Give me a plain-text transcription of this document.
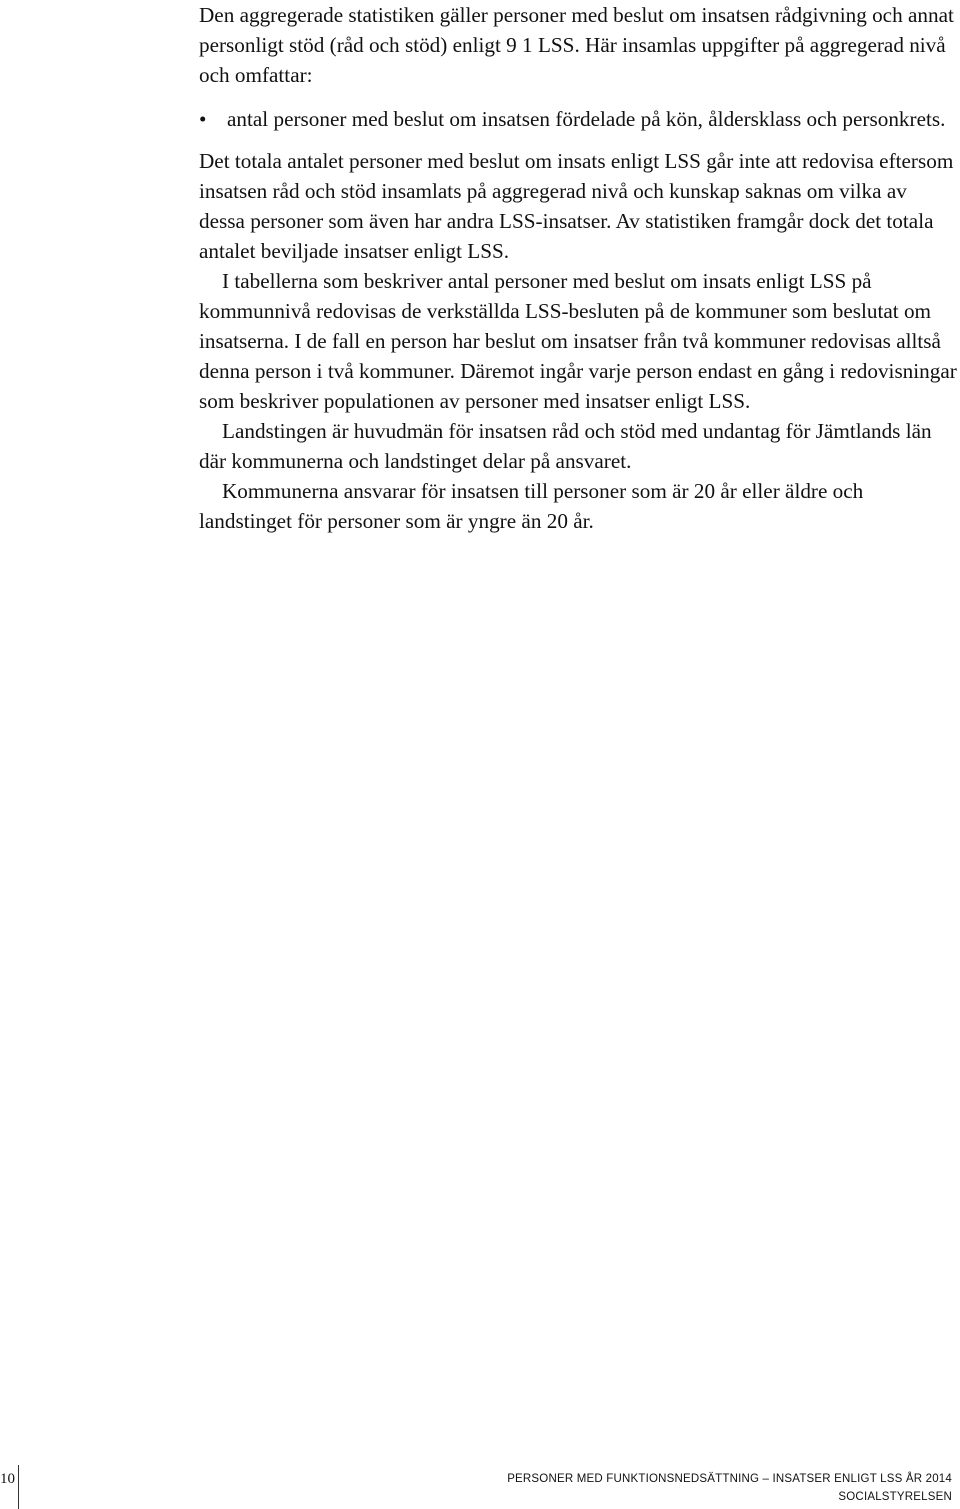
Den aggregerade statistiken gäller personer med beslut om insatsen rådgivning och annat personligt stöd (råd och stöd) enligt 9 1 LSS. Här insamlas uppgifter på aggregerad nivå och omfattar:

• antal personer med beslut om insatsen fördelade på kön, åldersklass och personkrets.

Det totala antalet personer med beslut om insats enligt LSS går inte att redovisa eftersom insatsen råd och stöd insamlats på aggregerad nivå och kunskap saknas om vilka av dessa personer som även har andra LSS-insatser. Av statistiken framgår dock det totala antalet beviljade insatser enligt LSS.

I tabellerna som beskriver antal personer med beslut om insats enligt LSS på kommunnivå redovisas de verkställda LSS-besluten på de kommuner som beslutat om insatserna. I de fall en person har beslut om insatser från två kommuner redovisas alltså denna person i två kommuner. Däremot ingår varje person endast en gång i redovisningar som beskriver populationen av personer med insatser enligt LSS.

Landstingen är huvudmän för insatsen råd och stöd med undantag för Jämtlands län där kommunerna och landstinget delar på ansvaret.

Kommunerna ansvarar för insatsen till personer som är 20 år eller äldre och landstinget för personer som är yngre än 20 år.

10	PERSONER MED FUNKTIONSNEDSÄTTNING – INSATSER ENLIGT LSS ÅR 2014
SOCIALSTYRELSEN
